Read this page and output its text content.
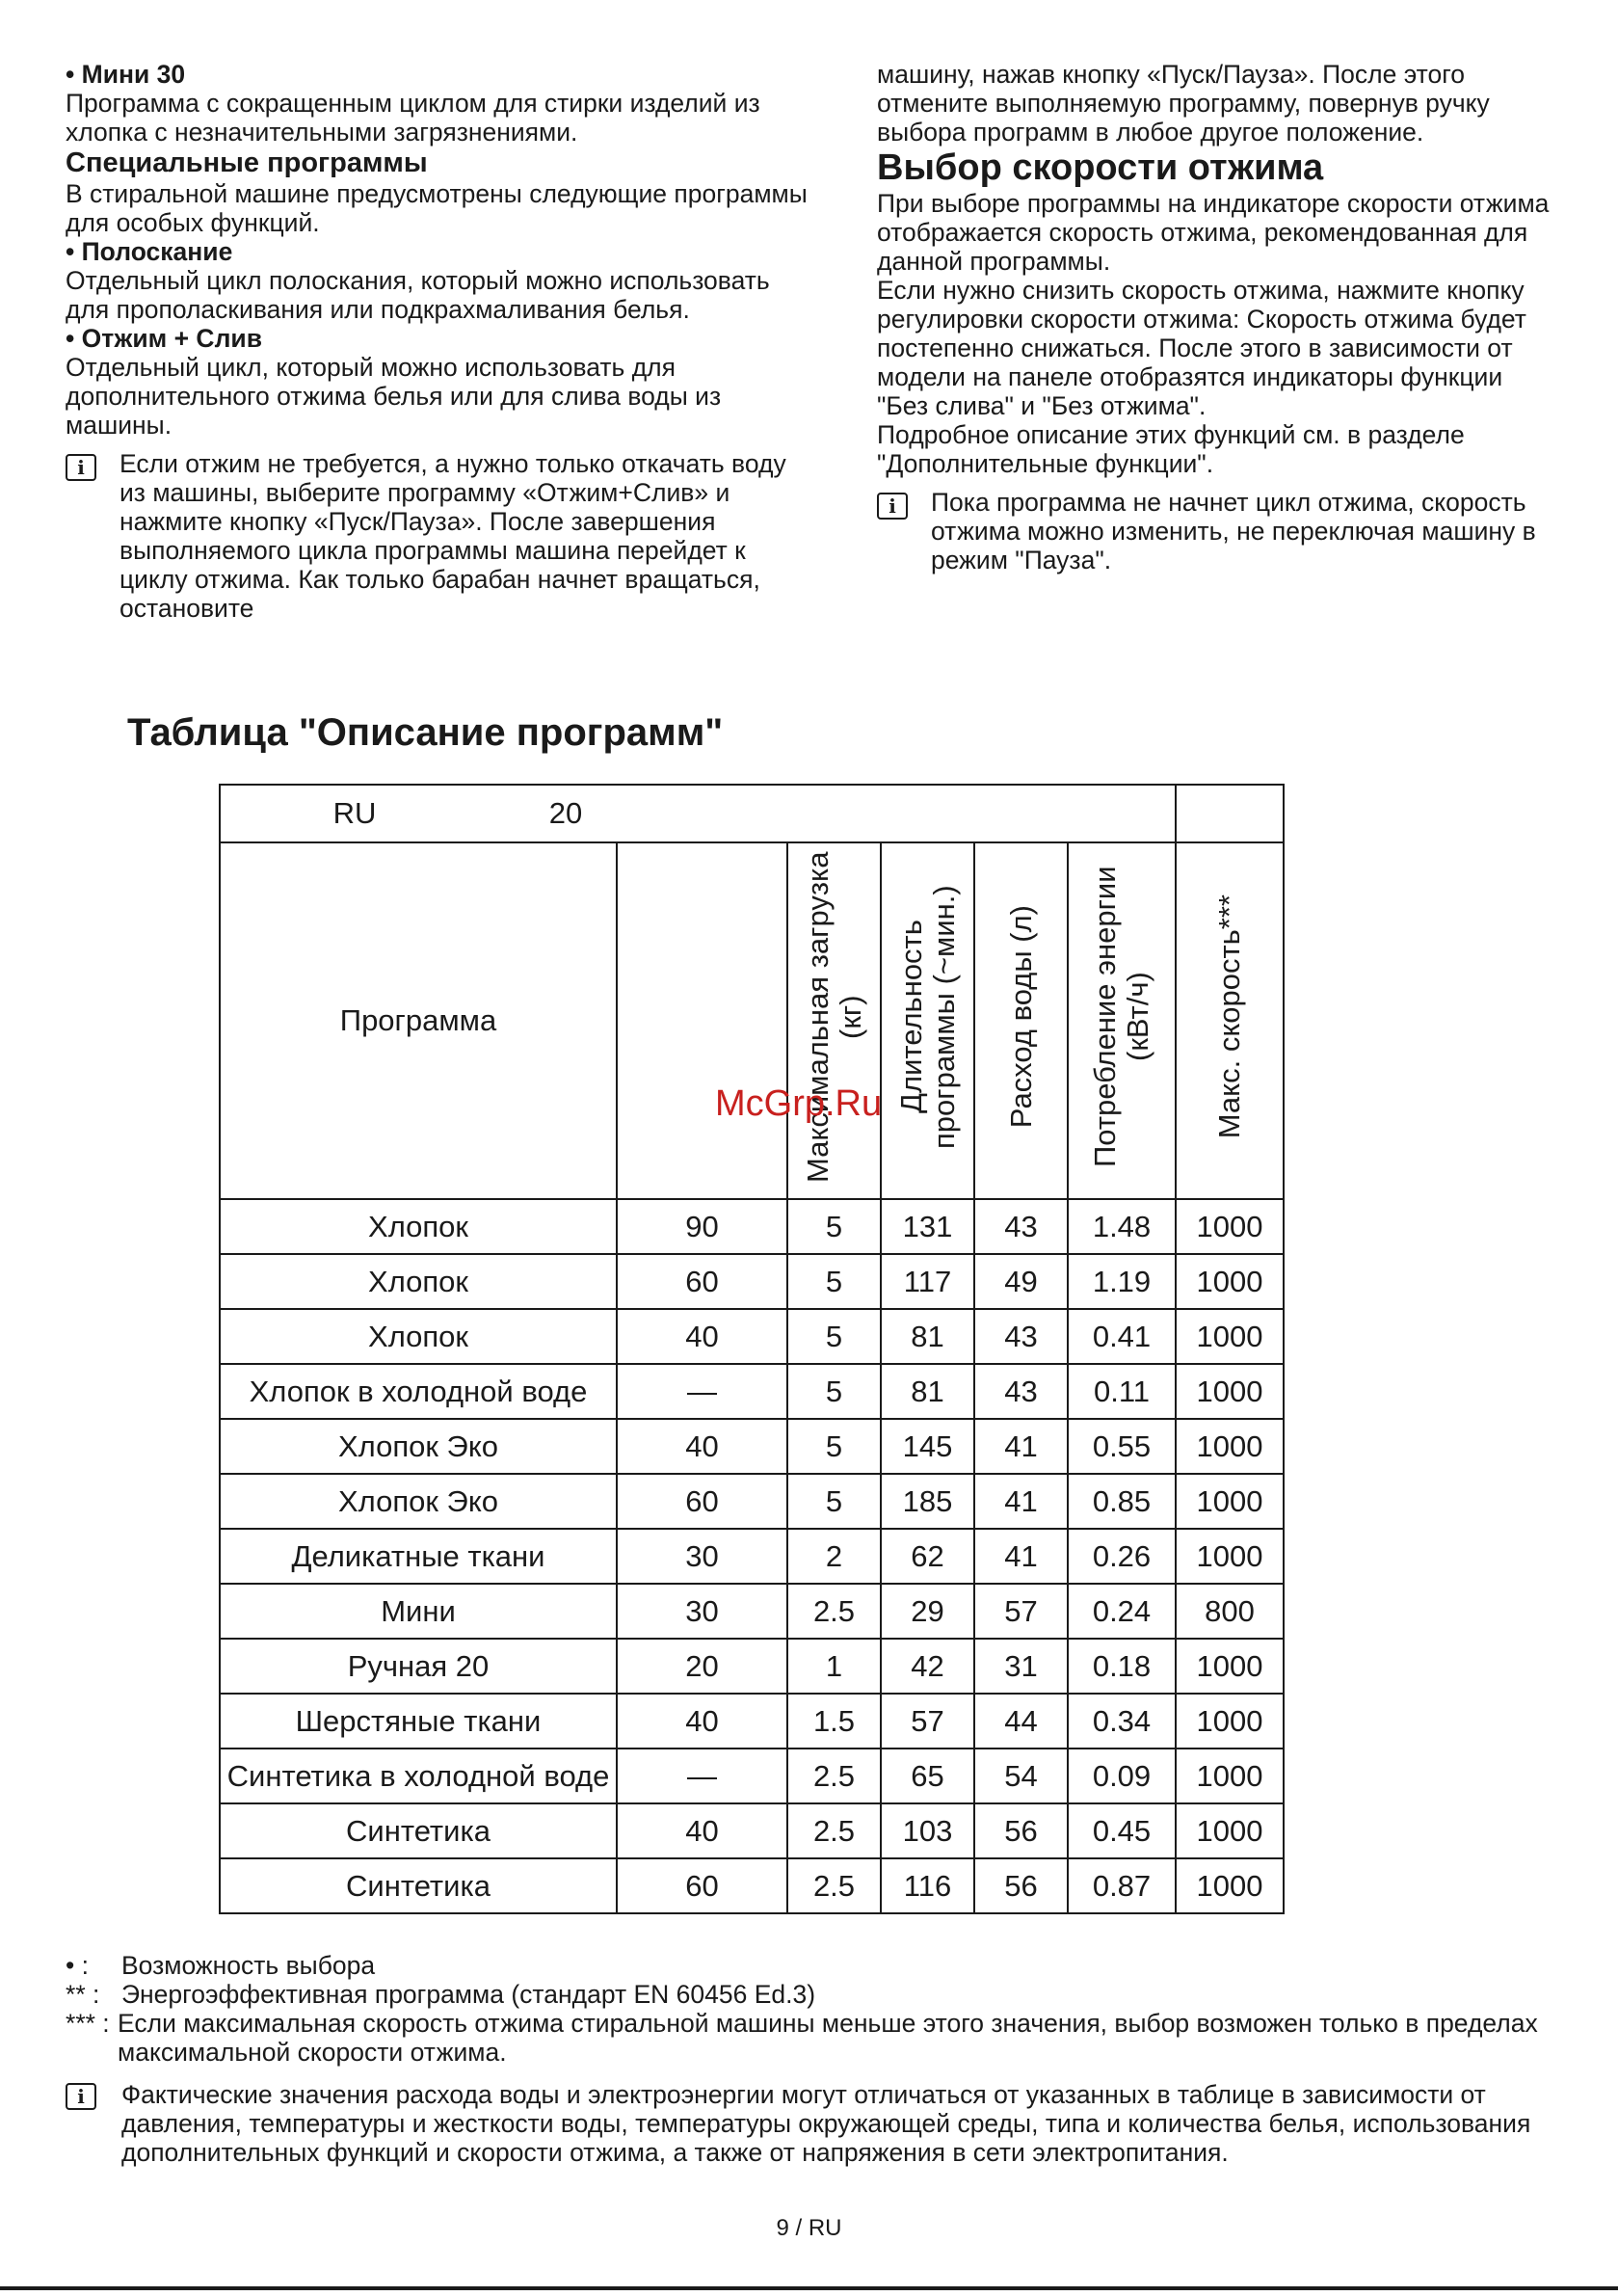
• Мини 30

Программа с сокращенным циклом для стирки изделий из хлопка с незначительными загрязнениями.

Специальные программы

В стиральной машине предусмотрены следующие программы для особых функций.

• Полоскание

Отдельный цикл полоскания, который можно использовать для прополаскивания или подкрахмаливания белья.

• Отжим + Слив

Отдельный цикл, который можно использовать для дополнительного отжима белья или для слива воды из машины.

i	Если отжим не требуется, а нужно только откачать воду из машины, выберите программу «Отжим+Слив» и нажмите кнопку «Пуск/Пауза». После завершения выполняемого цикла программы машина перейдет к циклу отжима. Как только барабан начнет вращаться, остановите

машину, нажав кнопку «Пуск/Пауза». После этого отмените выполняемую программу, повернув ручку выбора программ в любое другое положение.

Выбор скорости отжима

При выборе программы на индикаторе скорости отжима отображается скорость отжима, рекомендованная для данной программы.

Если нужно снизить скорость отжима, нажмите кнопку регулировки скорости отжима: Скорость отжима будет постепенно снижаться. После этого в зависимости от модели на панеле отобразятся индикаторы функции "Без слива" и "Без отжима".

Подробное описание этих функций см. в разделе "Дополнительные функции".

i	Пока программа не начнет цикл отжима, скорость отжима можно изменить, не переключая машину в режим "Пауза".
Таблица "Описание программ"
RU 20						

Программа		Максимальная загрузка (кг)	Длительность программы (~мин.)	Расход воды (л)	Потребление энергии (кВт/ч)	Макс. скорость***
Хлопок	90	5	131	43	1.48	1000
Хлопок	60	5	117	49	1.19	1000
Хлопок	40	5	81	43	0.41	1000
Хлопок в холодной воде	—	5	81	43	0.11	1000
Хлопок Эко	40	5	145	41	0.55	1000
Хлопок Эко	60	5	185	41	0.85	1000
Деликатные ткани	30	2	62	41	0.26	1000
Мини	30	2.5	29	57	0.24	800
Ручная 20	20	1	42	31	0.18	1000
Шерстяные ткани	40	1.5	57	44	0.34	1000
Синтетика в холодной воде	—	2.5	65	54	0.09	1000
Синтетика	40	2.5	103	56	0.45	1000
Синтетика	60	2.5	116	56	0.87	1000
McGrp.Ru
• :	Возможность выбора
** : Энергоэффективная программа (стандарт EN 60456 Ed.3)
*** : Если максимальная скорость отжима стиральной машины меньше этого значения, выбор возможен только в пределах максимальной скорости отжима.
i	Фактические значения расхода воды и электроэнергии могут отличаться от указанных в таблице в зависимости от давления, температуры и жесткости воды, температуры окружающей среды, типа и количества белья, использования дополнительных функций и скорости отжима, а также от напряжения в сети электропитания.
9 / RU
